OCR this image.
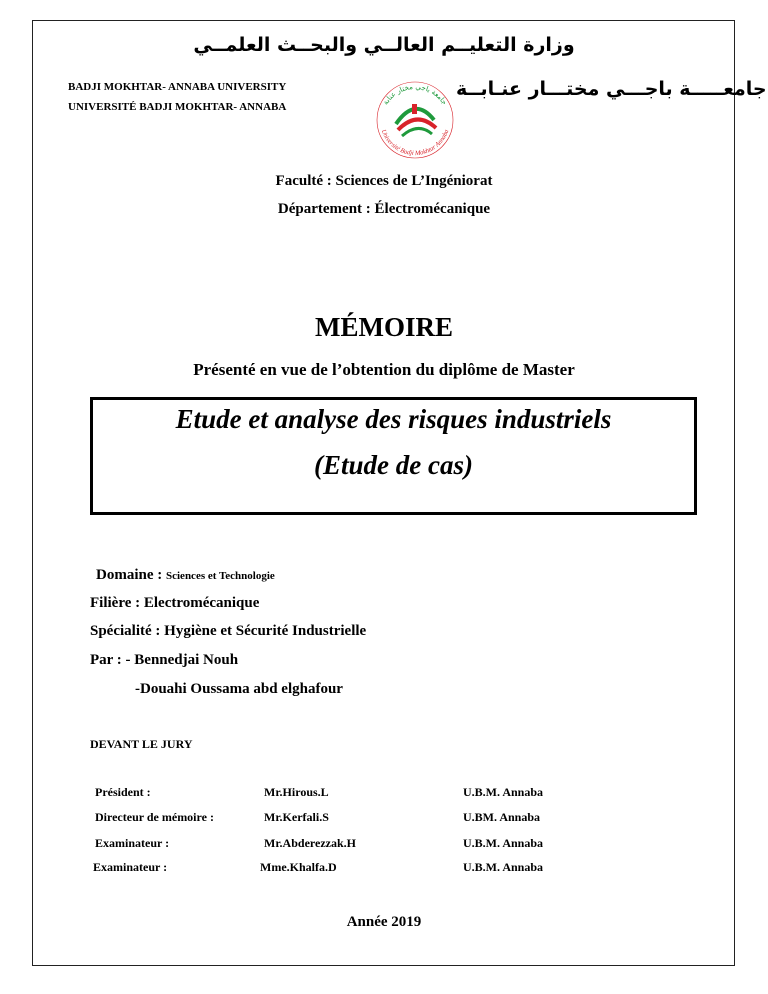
وزارة التعليــم العالــي والبحــث العلمــي
BADJI MOKHTAR- ANNABA UNIVERSITY
UNIVERSITÉ BADJI MOKHTAR- ANNABA
جامعـــــة باجـــي مختـــار عنـابــة
جامعة باجي مختار عنابة
Université Badji Mokhtar Annaba
Faculté : Sciences de L’Ingéniorat
Département : Électromécanique
MÉMOIRE
Présenté en vue de l’obtention du diplôme de Master
Etude et analyse des risques industriels
(Etude de cas)
Domaine : Sciences et Technologie
Filière : Electromécanique
Spécialité : Hygiène et Sécurité Industrielle
Par : - Bennedjai Nouh
-Douahi Oussama abd elghafour
DEVANT LE JURY
Président :	Mr.Hirous.L	U.B.M. Annaba
Directeur de mémoire :	Mr.Kerfali.S	U.BM. Annaba
Examinateur :	Mr.Abderezzak.H	U.B.M. Annaba
Examinateur :	Mme.Khalfa.D	U.B.M. Annaba
Année 2019
